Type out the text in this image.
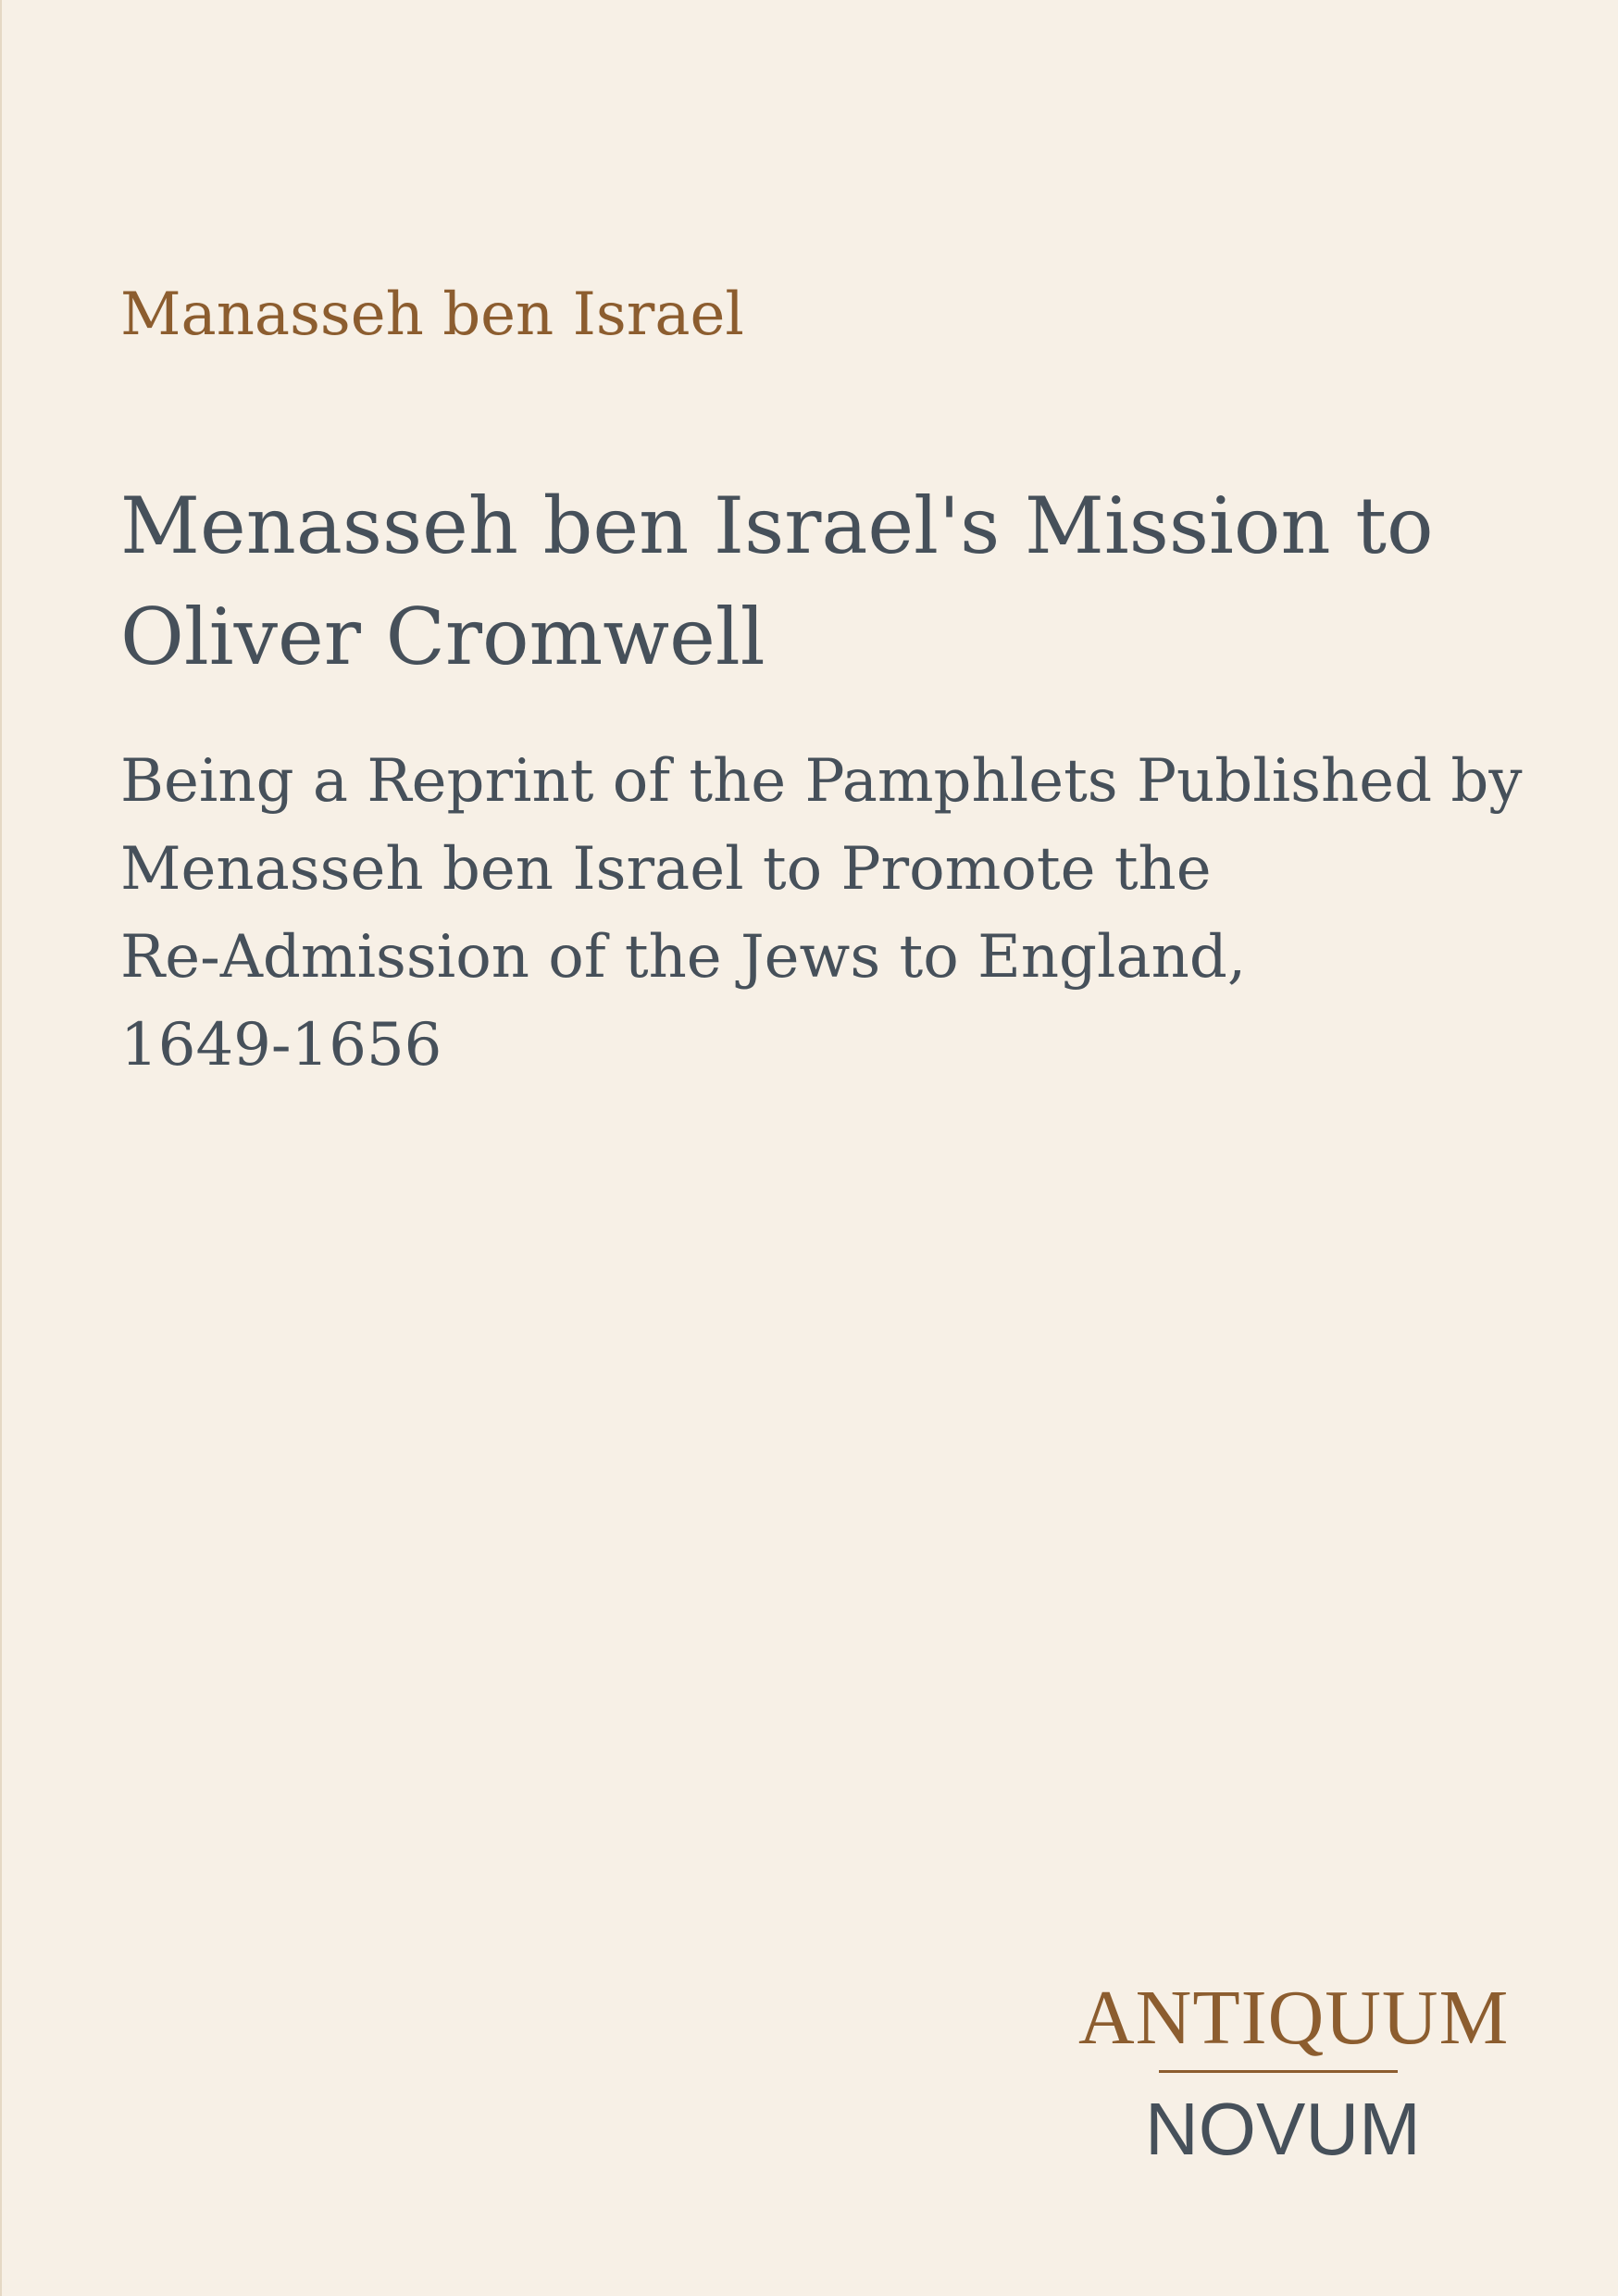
Manasseh ben Israel
Menasseh ben Israel's Mission to
Oliver Cromwell
Being a Reprint of the Pamphlets Published by
Menasseh ben Israel to Promote the
Re-Admission of the Jews to England,
1649-1656
ANTIQUUM
NOVUM
